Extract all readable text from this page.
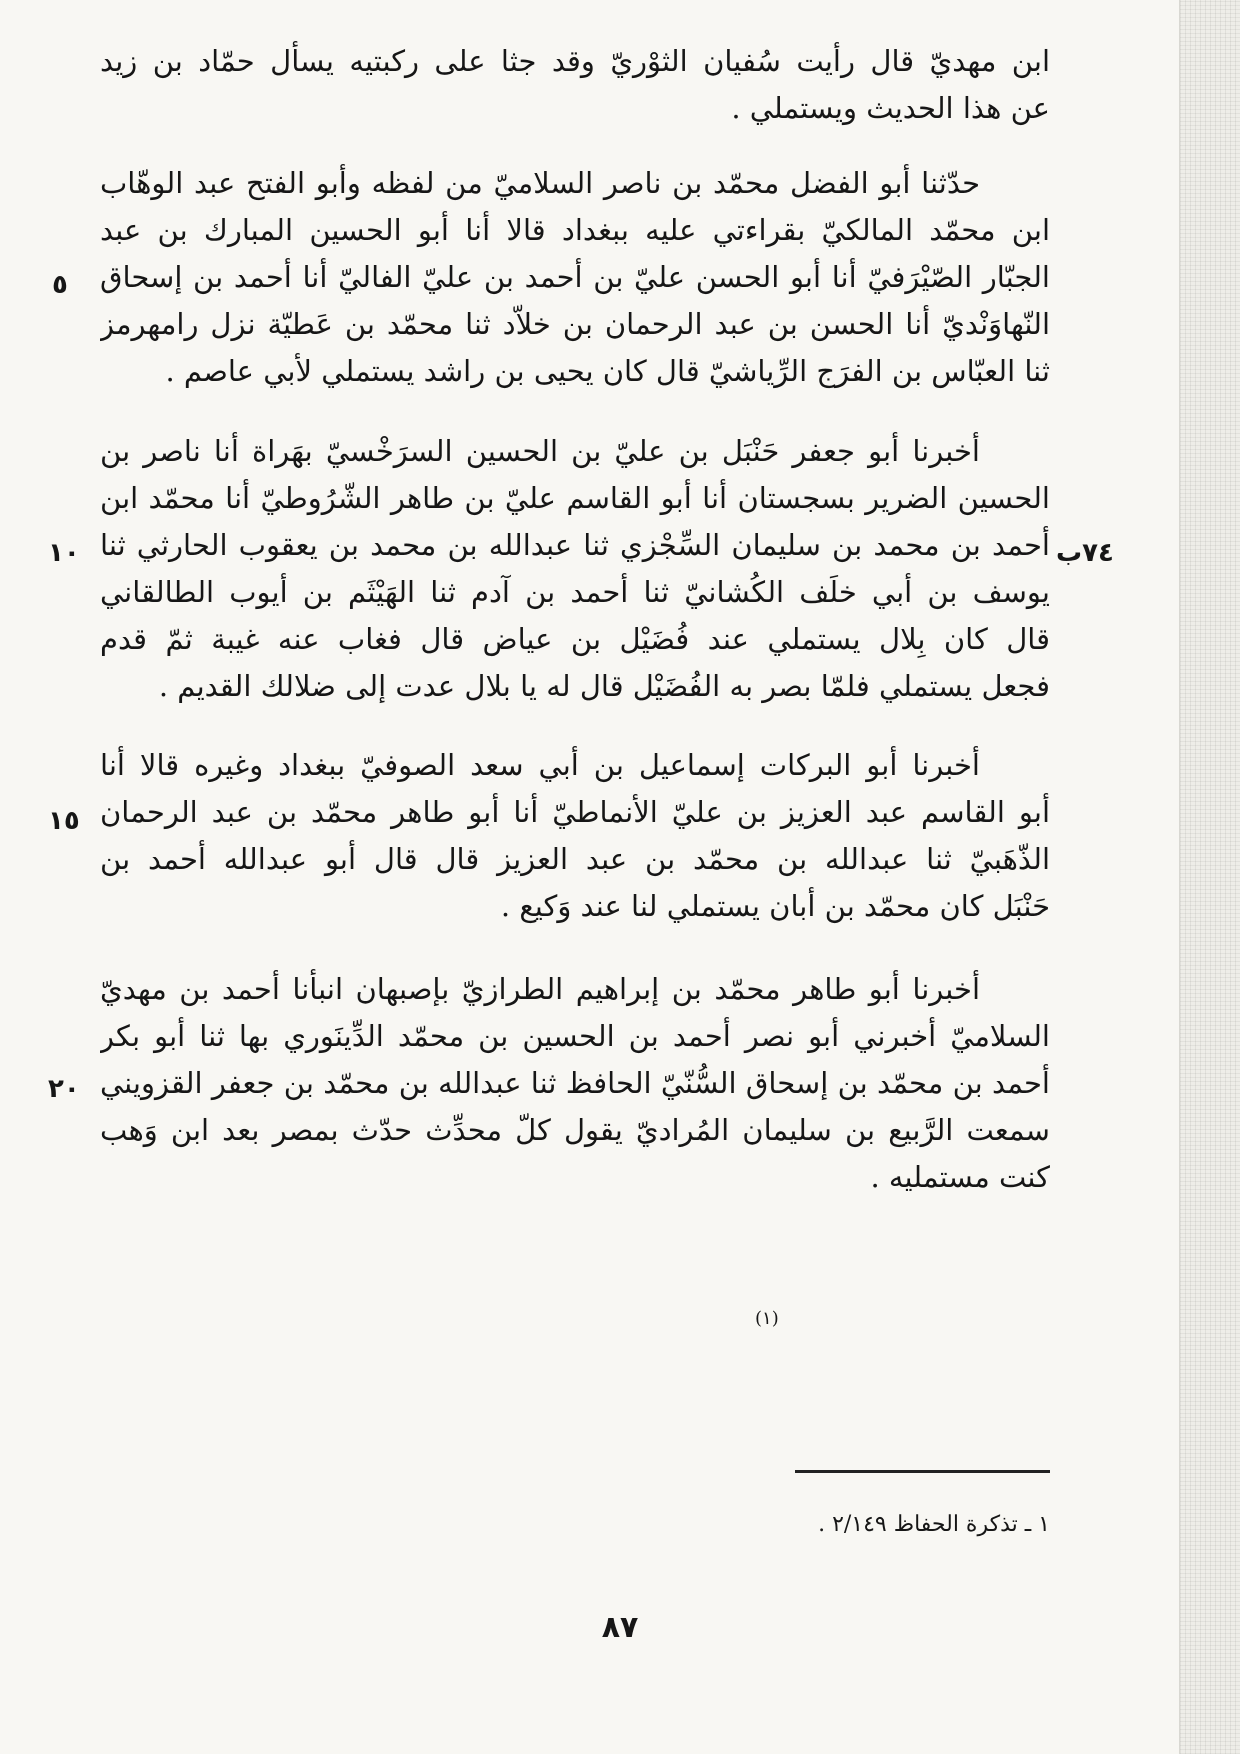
ابن مهديّ قال رأيت سُفيان الثوْريّ وقد جثا على ركبتيه يسأل حمّاد بن زيد
عن هذا الحديث ويستملي .
حدّثنا أبو الفضل محمّد بن ناصر السلاميّ من لفظه وأبو الفتح عبد الوهّاب
ابن محمّد المالكيّ بقراءتي عليه ببغداد قالا أنا أبو الحسين المبارك بن عبد
الجبّار الصّيْرَفيّ أنا أبو الحسن عليّ بن أحمد بن عليّ الفاليّ أنا أحمد بن إسحاق
النّهاوَنْديّ أنا الحسن بن عبد الرحمان بن خلاّد ثنا محمّد بن عَطيّة نزل رامهرمز
ثنا العبّاس بن الفرَج الرِّياشيّ قال كان يحيى بن راشد يستملي لأبي عاصم .
أخبرنا أبو جعفر حَنْبَل بن عليّ بن الحسين السرَخْسيّ بهَراة أنا ناصر بن
الحسين الضرير بسجستان أنا أبو القاسم عليّ بن طاهر الشّرُوطيّ أنا محمّد ابن
أحمد بن محمد بن سليمان السِّجْزي ثنا عبدالله بن محمد بن يعقوب الحارثي ثنا
يوسف بن أبي خلَف الكُشانيّ ثنا أحمد بن آدم ثنا الهَيْثَم بن أيوب الطالقاني
قال كان بِلال يستملي عند فُضَيْل بن عياض قال فغاب عنه غيبة ثمّ قدم
فجعل يستملي فلمّا بصر به الفُضَيْل قال له يا بلال عدت إلى ضلالك القديم .
أخبرنا أبو البركات إسماعيل بن أبي سعد الصوفيّ ببغداد وغيره قالا أنا
أبو القاسم عبد العزيز بن عليّ الأنماطيّ أنا أبو طاهر محمّد بن عبد الرحمان
الذّهَبيّ ثنا عبدالله بن محمّد بن عبد العزيز قال قال أبو عبدالله أحمد بن
حَنْبَل كان محمّد بن أبان يستملي لنا عند وَكيع .
أخبرنا أبو طاهر محمّد بن إبراهيم الطرازيّ بإصبهان انبأنا أحمد بن مهديّ
السلاميّ أخبرني أبو نصر أحمد بن الحسين بن محمّد الدِّينَوري بها ثنا أبو بكر
أحمد بن محمّد بن إسحاق السُّنّيّ الحافظ ثنا عبدالله بن محمّد بن جعفر القزويني
سمعت الرَّبيع بن سليمان المُراديّ يقول كلّ محدِّث حدّث بمصر بعد ابن وَهب
كنت مستمليه .
٥
١٠	٧٤ب
١٥
٢٠
(١)
١ ـ تذكرة الحفاظ ٢/١٤٩ .
٨٧
